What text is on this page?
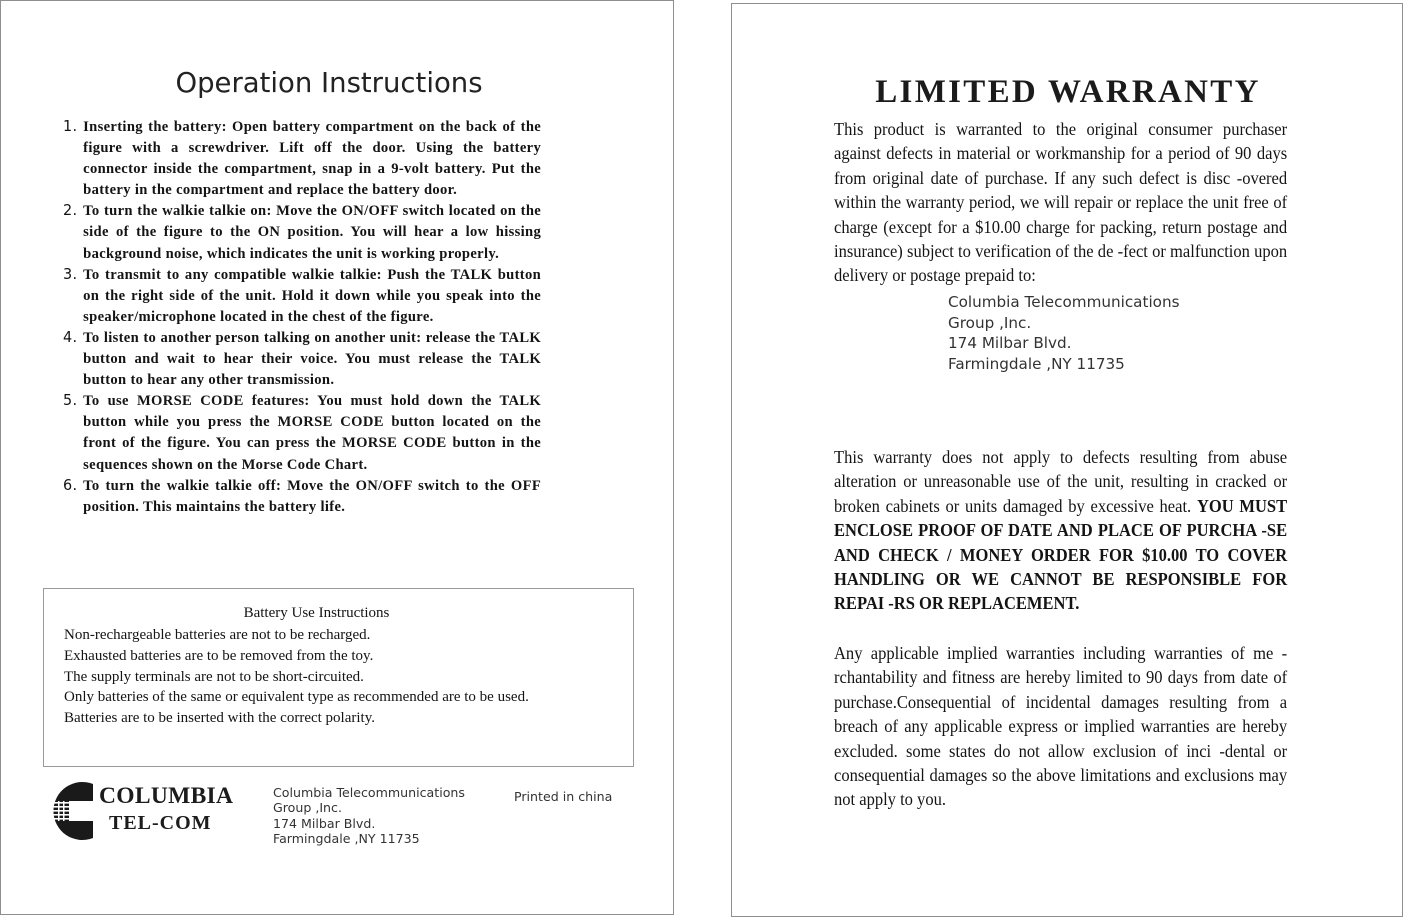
Operation Instructions
1. Inserting the battery: Open battery compartment on the back of the figure with a screwdriver. Lift off the door. Using the battery connector inside the compartment, snap in a 9-volt battery. Put the battery in the compartment and replace the battery door.
2. To turn the walkie talkie on: Move the ON/OFF switch located on the side of the figure to the ON position. You will hear a low hissing background noise, which indicates the unit is working properly.
3. To transmit to any compatible walkie talkie: Push the TALK button on the right side of the unit. Hold it down while you speak into the speaker/microphone located in the chest of the figure.
4. To listen to another person talking on another unit: release the TALK button and wait to hear their voice. You must release the TALK button to hear any other transmission.
5. To use MORSE CODE features: You must hold down the TALK button while you press the MORSE CODE button located on the front of the figure. You can press the MORSE CODE button in the sequences shown on the Morse Code Chart.
6. To turn the walkie talkie off: Move the ON/OFF switch to the OFF position. This maintains the battery life.
Battery Use Instructions
Non-rechargeable batteries are not to be recharged.
Exhausted batteries are to be removed from the toy.
The supply terminals are not to be short-circuited.
Only batteries of the same or equivalent type as recommended are to be used.
Batteries are to be inserted with the correct polarity.
COLUMBIA
TEL-COM
Columbia Telecommunications
Group ,Inc.
174 Milbar Blvd.
Farmingdale ,NY 11735
Printed in china
LIMITED WARRANTY

This product is warranted to the original consumer purchaser against defects in material or workmanship for a period of 90 days from original date of purchase. If any such defect is disc -overed within the warranty period, we will repair or replace the unit free of charge (except for a $10.00 charge for packing, return postage and insurance) subject to verification of the de -fect or malfunction upon delivery or postage prepaid to:

Columbia Telecommunications
Group ,Inc.
174 Milbar Blvd.
Farmingdale ,NY 11735

This warranty does not apply to defects resulting from abuse alteration or unreasonable use of the unit, resulting in cracked or broken cabinets or units damaged by excessive heat. YOU MUST ENCLOSE PROOF OF DATE AND PLACE OF PURCHA -SE AND CHECK / MONEY ORDER FOR $10.00 TO COVER HANDLING OR WE CANNOT BE RESPONSIBLE FOR REPAI -RS OR REPLACEMENT.

Any applicable implied warranties including warranties of me -rchantability and fitness are hereby limited to 90 days from date of purchase.Consequential of incidental damages resulting from a breach of any applicable express or implied warranties are hereby excluded. some states do not allow exclusion of inci -dental or consequential damages so the above limitations and exclusions may not apply to you.
